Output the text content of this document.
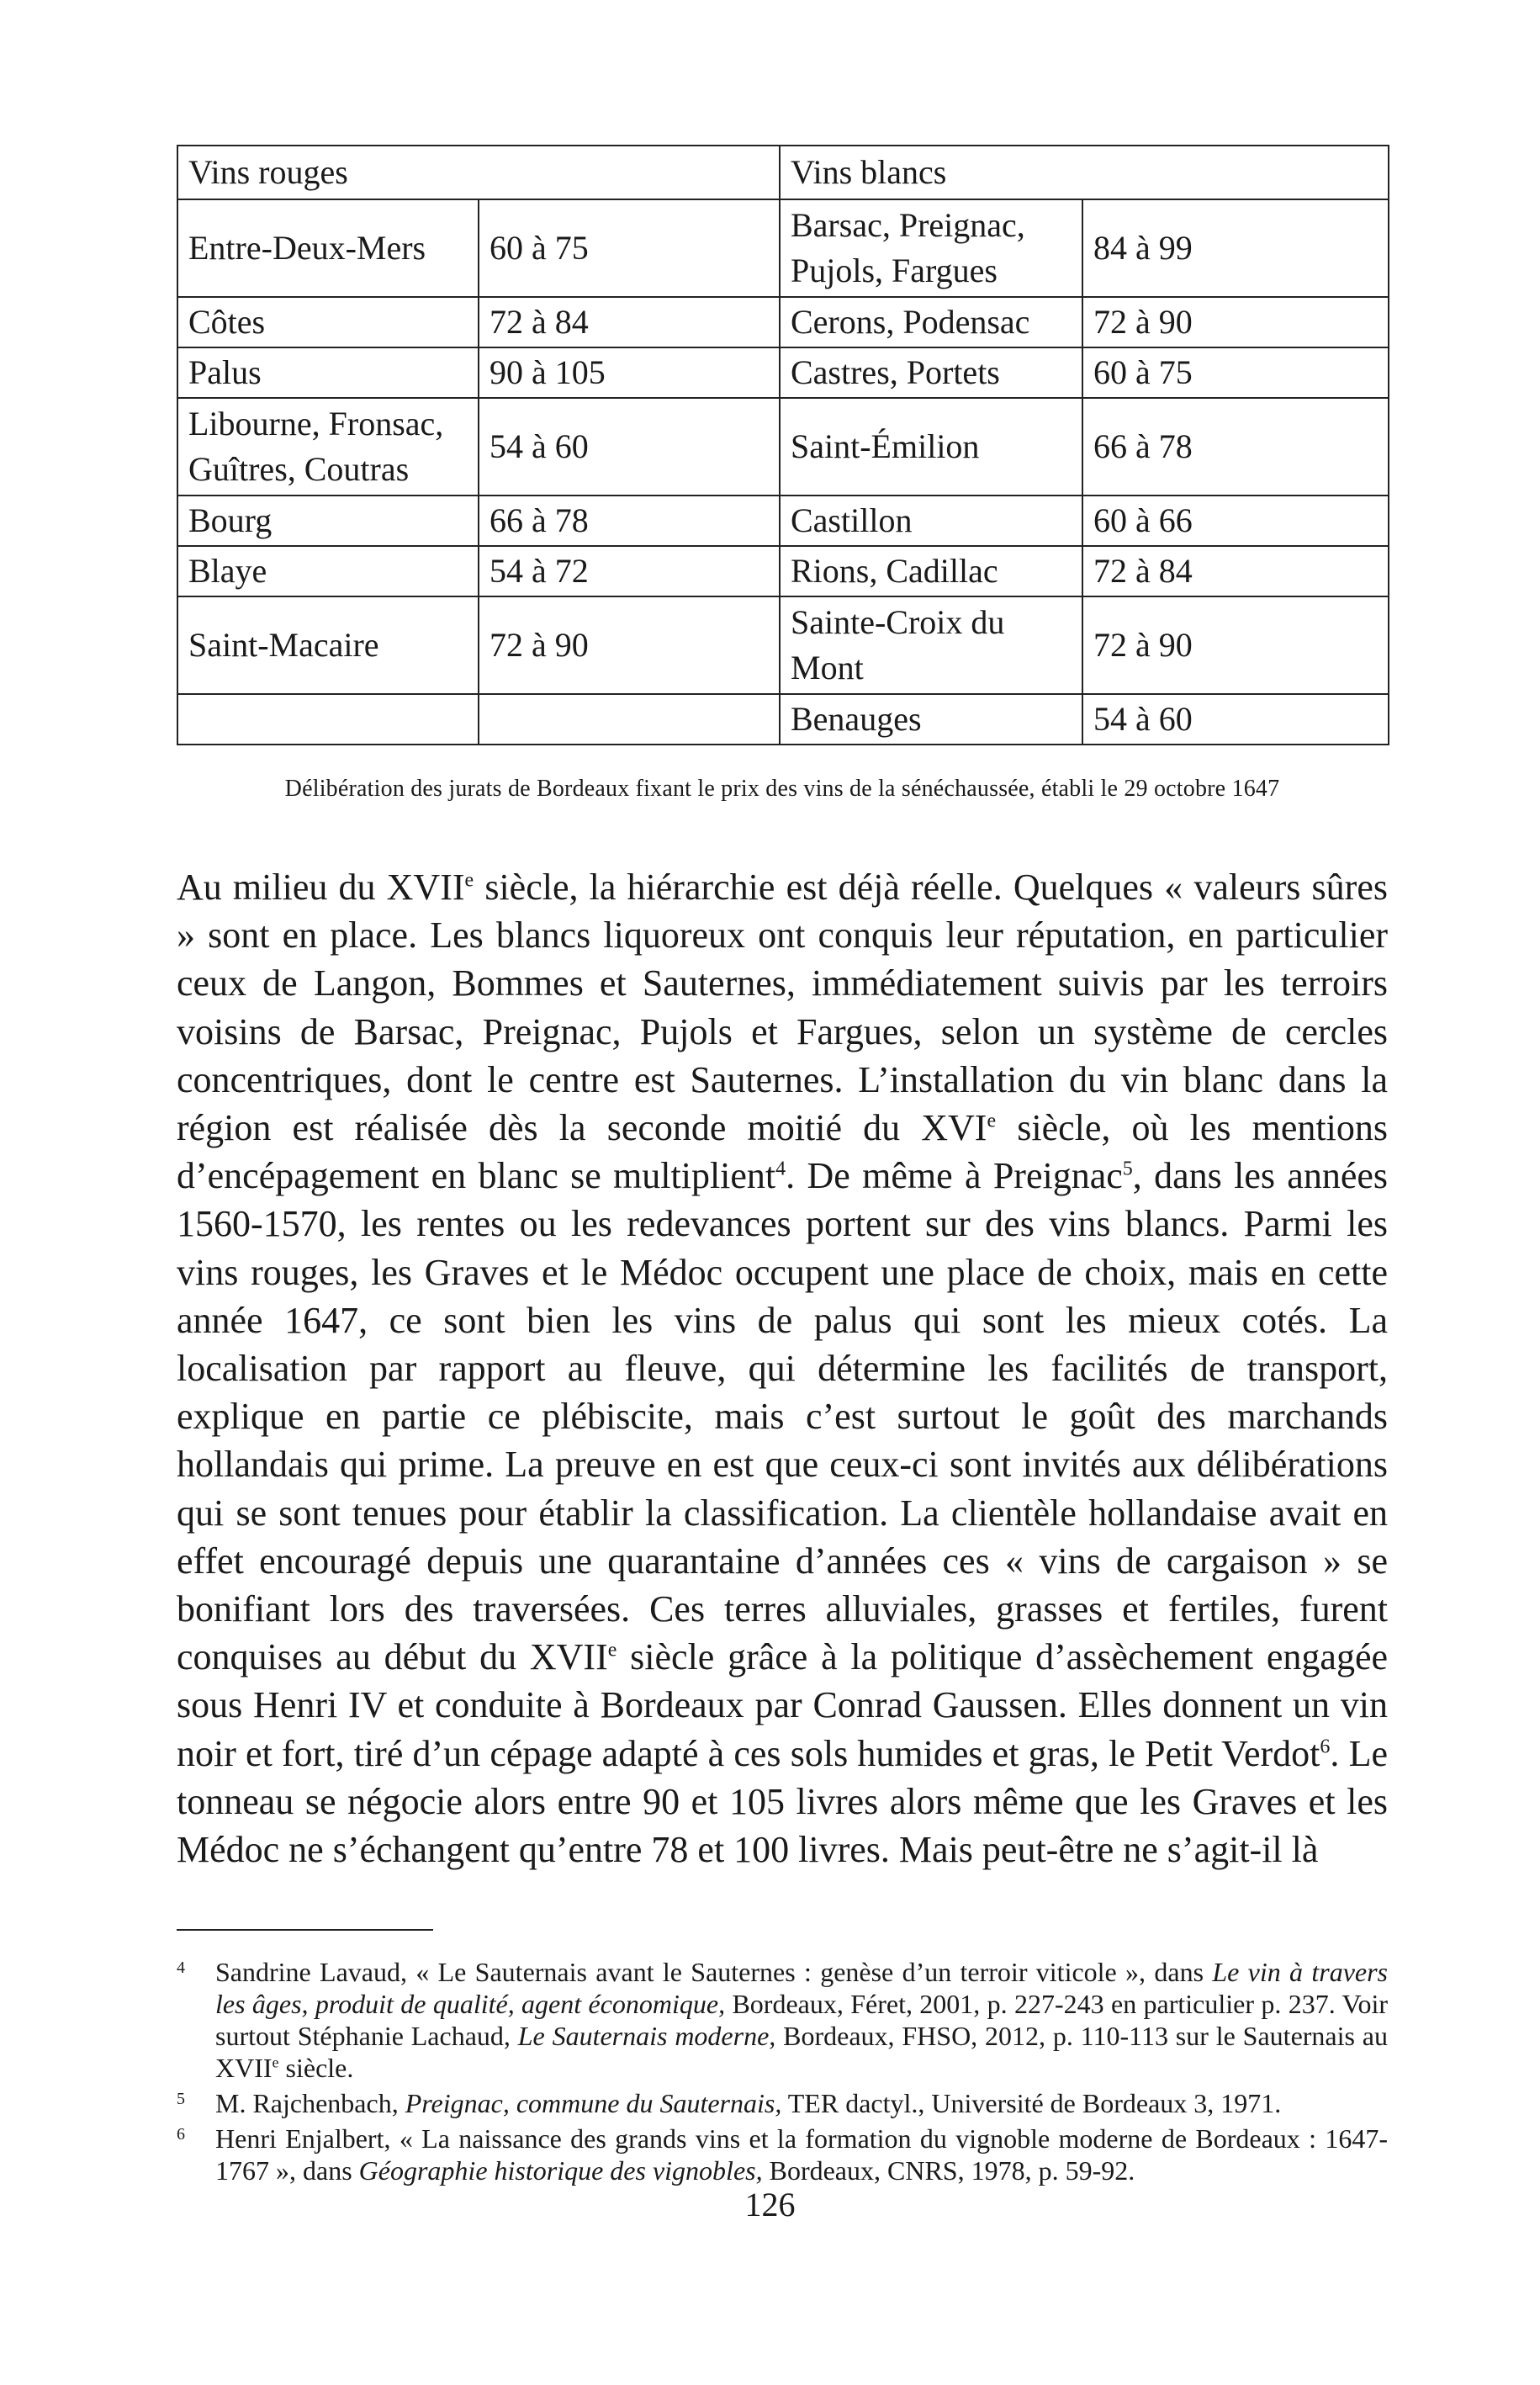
Vins rouges		Vins blancs	
Entre-Deux-Mers	60 à 75	Barsac, Preignac, Pujols, Fargues	84 à 99
Côtes	72 à 84	Cerons, Podensac	72 à 90
Palus	90 à 105	Castres, Portets	60 à 75
Libourne, Fronsac, Guîtres, Coutras	54 à 60	Saint-Émilion	66 à 78
Bourg	66 à 78	Castillon	60 à 66
Blaye	54 à 72	Rions, Cadillac	72 à 84
Saint-Macaire	72 à 90	Sainte-Croix du Mont	72 à 90
		Benauges	54 à 60
Délibération des jurats de Bordeaux fixant le prix des vins de la sénéchaussée, établi le 29 octobre 1647

Au milieu du XVIIe siècle, la hiérarchie est déjà réelle. Quelques « valeurs sûres » sont en place. Les blancs liquoreux ont conquis leur réputation, en particulier ceux de Langon, Bommes et Sauternes, immédiatement suivis par les terroirs voisins de Barsac, Preignac, Pujols et Fargues, selon un système de cercles concentriques, dont le centre est Sauternes. L’installation du vin blanc dans la région est réalisée dès la seconde moitié du XVIe siècle, où les mentions d’encépagement en blanc se multiplient$^4$. De même à Preignac$^5$, dans les années 1560-1570, les rentes ou les redevances portent sur des vins blancs. Parmi les vins rouges, les Graves et le Médoc occupent une place de choix, mais en cette année 1647, ce sont bien les vins de palus qui sont les mieux cotés. La localisation par rapport au fleuve, qui détermine les facilités de transport, explique en partie ce plébiscite, mais c’est surtout le goût des marchands hollandais qui prime. La preuve en est que ceux-ci sont invités aux délibérations qui se sont tenues pour établir la classification. La clientèle hollandaise avait en effet encouragé depuis une quarantaine d’années ces « vins de cargaison » se bonifiant lors des traversées. Ces terres alluviales, grasses et fertiles, furent conquises au début du XVIIe siècle grâce à la politique d’assèchement engagée sous Henri IV et conduite à Bordeaux par Conrad Gaussen. Elles donnent un vin noir et fort, tiré d’un cépage adapté à ces sols humides et gras, le Petit Verdot$^6$. Le tonneau se négocie alors entre 90 et 105 livres alors même que les Graves et les Médoc ne s’échangent qu’entre 78 et 100 livres. Mais peut-être ne s’agit-il là

4	Sandrine Lavaud, « Le Sauternais avant le Sauternes : genèse d’un terroir viticole », dans Le vin à travers les âges, produit de qualité, agent économique, Bordeaux, Féret, 2001, p. 227-243 en particulier p. 237. Voir surtout Stéphanie Lachaud, Le Sauternais moderne, Bordeaux, FHSO, 2012, p. 110-113 sur le Sauternais au XVIIe siècle.
5	M. Rajchenbach, Preignac, commune du Sauternais, TER dactyl., Université de Bordeaux 3, 1971.
6	Henri Enjalbert, « La naissance des grands vins et la formation du vignoble moderne de Bordeaux : 1647-1767 », dans Géographie historique des vignobles, Bordeaux, CNRS, 1978, p. 59-92.
126
